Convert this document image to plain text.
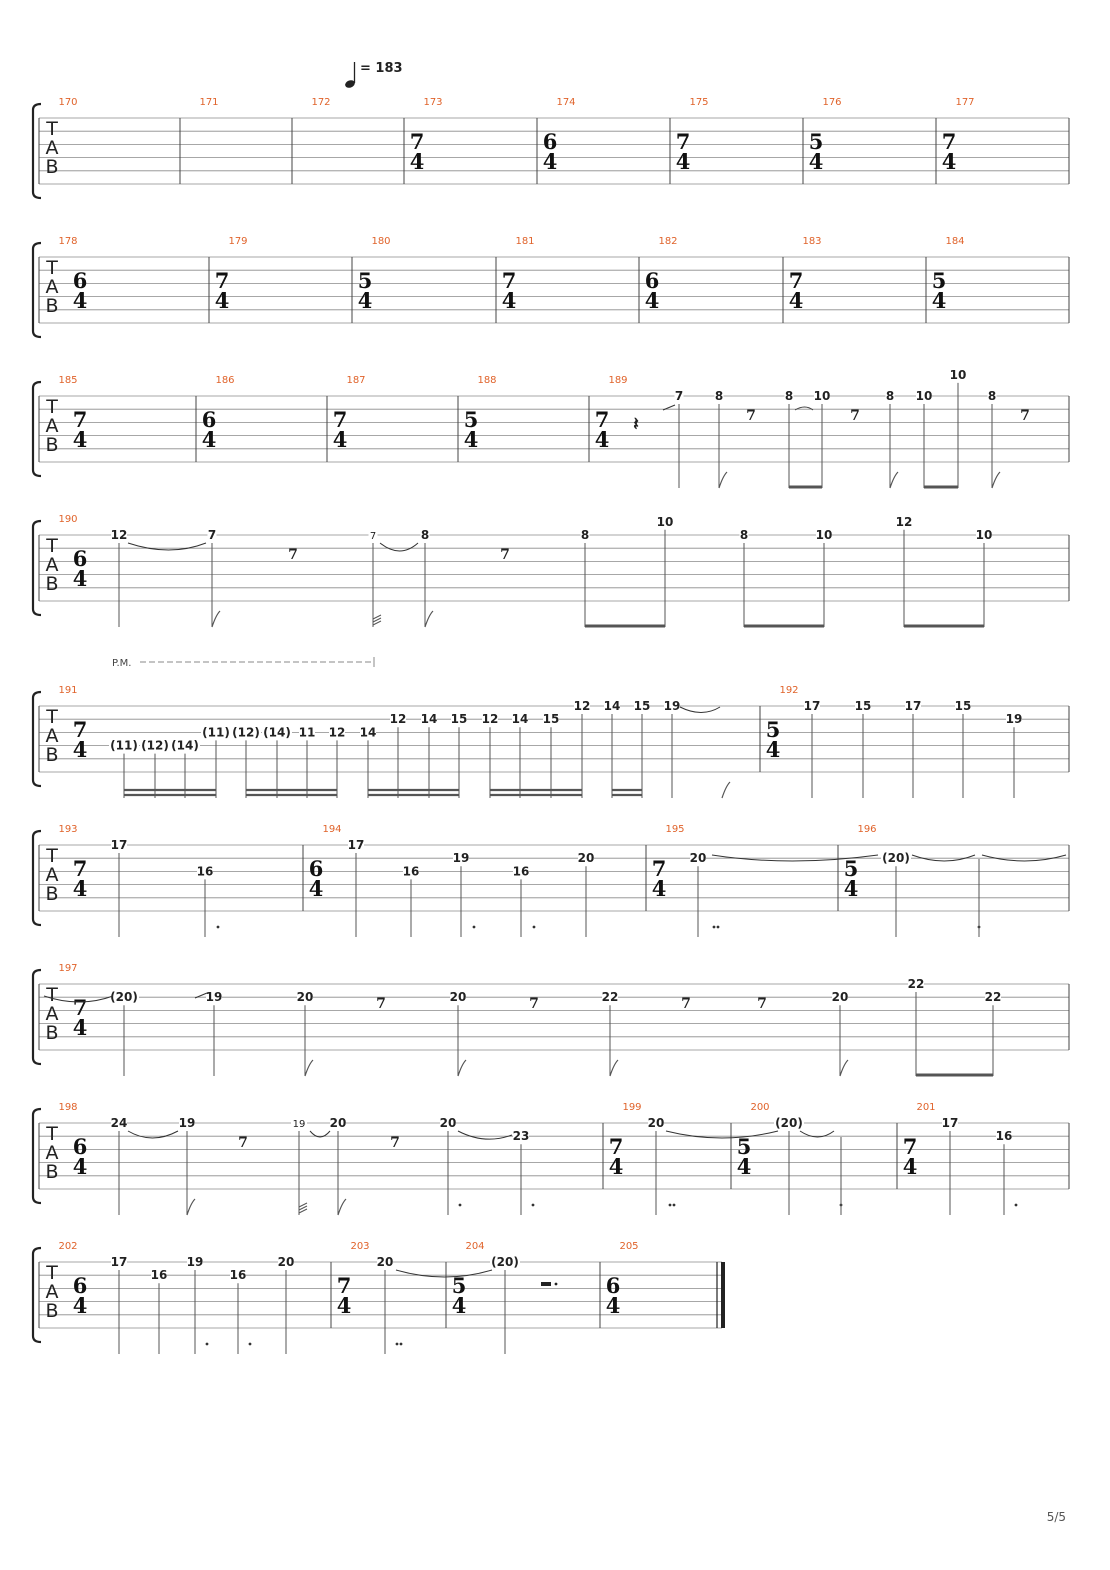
= 183
T
A
B
170	171	172	173
7
4
174
6
4
175
7
4
176
5
4
177
7
4
T
A
B
178
6
4
179
7
4
180
5
4
181
7
4
182
6
4
183
7
4
184
5
4
T
A
B
185
7
4
186
6
4
187
7
4
188
5
4
189
7
4
7	8	8 10	8 10
10
8
𝄽	7	7	7
T
A
B
190
6
4
12	7	7	8	8
10
8	10
12
10
7	7
T
A
B
191
7
4 (11) (12) (14)
(11) (12) (14) 11 12 14
12 14 15 12 14 15
12 14 15 19
192
5
4
17	15	17	15
19
P.M.
T
A
B
193
7
4
17
16
194
6
4
17
16
19
16
20
195
7
4
20
196
5
4
(20)
T
A
B
197
7
4
(20)	19	20	20	22	20
22
22
7	7	7	7
T
A
B
198
6
4
24	19	19 20	20
23
199
7
4
20
200
5
4
(20)
201
7
4
17
16
7	7
T
A
B
202
6
4
17
16
19
16
20
203
7
4
20
204
5
4
(20)
205
6
4
5/5
